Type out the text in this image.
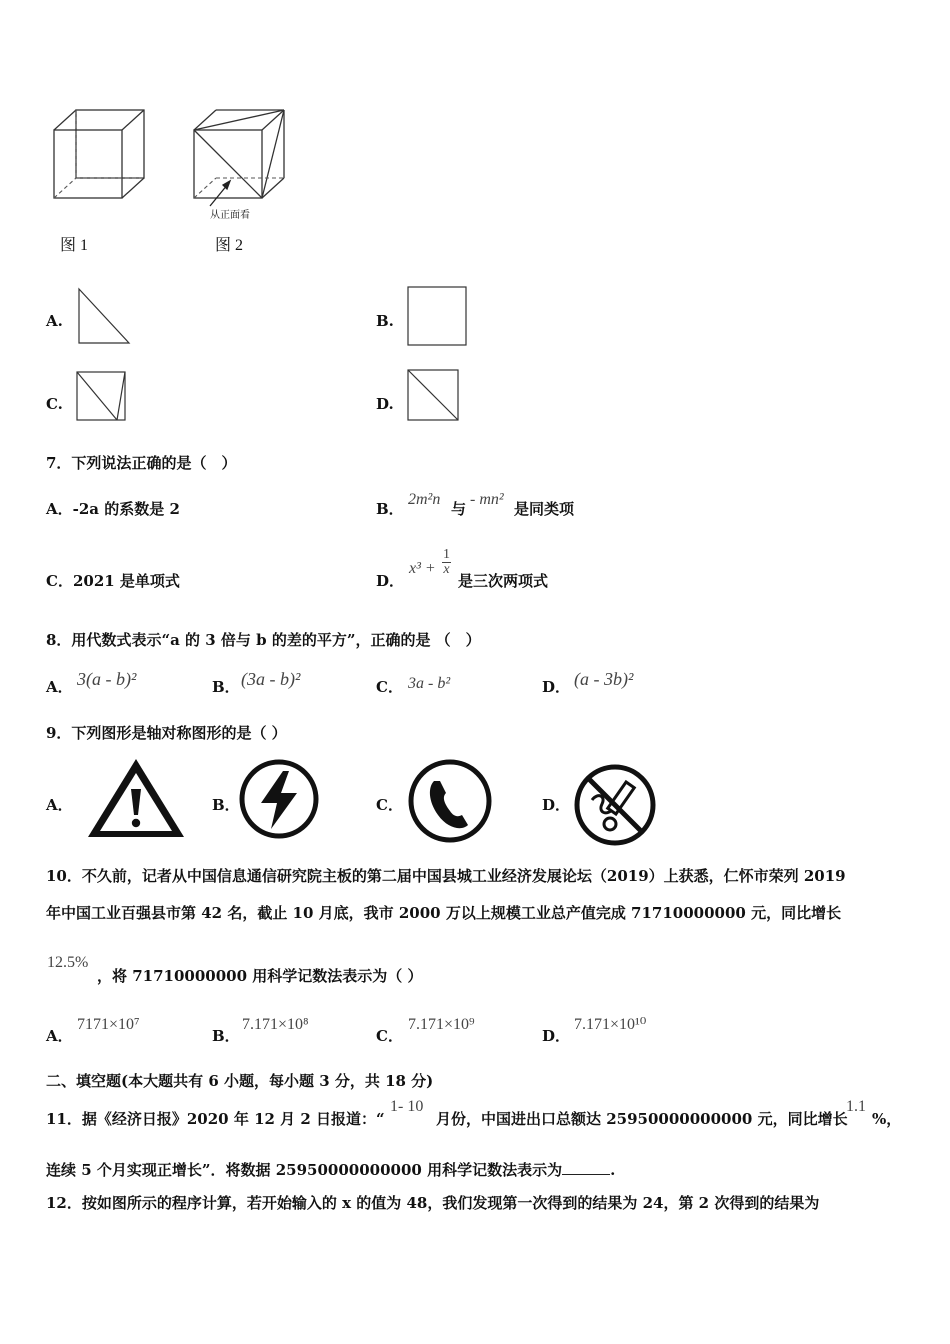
图 1
从正面看
图 2
A.	B.
C.	D.
7．下列说法正确的是（　）
A．-2a 的系数是 2	B．
2m²n
与
- mn²
是同类项
C．2021 是单项式	D．
$x^3 + \frac{1}{x}$
是三次两项式
8．用代数式表示“a 的 3 倍与 b 的差的平方”，正确的是 （　）
A． 3(a - b)²	B． (3a - b)²	C． 3a - b²	D． (a - 3b)²
9．下列图形是轴对称图形的是（ ）
A．	B．	C．	D．
10．不久前，记者从中国信息通信研究院主板的第二届中国县城工业经济发展论坛（2019）上获悉，仁怀市荣列 2019
年中国工业百强县市第 42 名，截止 10 月底，我市 2000 万以上规模工业总产值完成 71710000000 元，同比增长
12.5%
，将 71710000000 用科学记数法表示为（ ）
A．
7171×10⁷
B．
7.171×10⁸
C．
7.171×10⁹
D．
7.171×10¹⁰
二、填空题(本大题共有 6 小题，每小题 3 分，共 18 分)
11．据《经济日报》2020 年 12 月 2 日报道：“
1- 10
月份，中国进出口总额达 25950000000000 元，同比增长
1.1
%，
连续 5 个月实现正增长”．将数据 25950000000000 用科学记数法表示为	.
12．按如图所示的程序计算，若开始输入的 x 的值为 48，我们发现第一次得到的结果为 24，第 2 次得到的结果为
